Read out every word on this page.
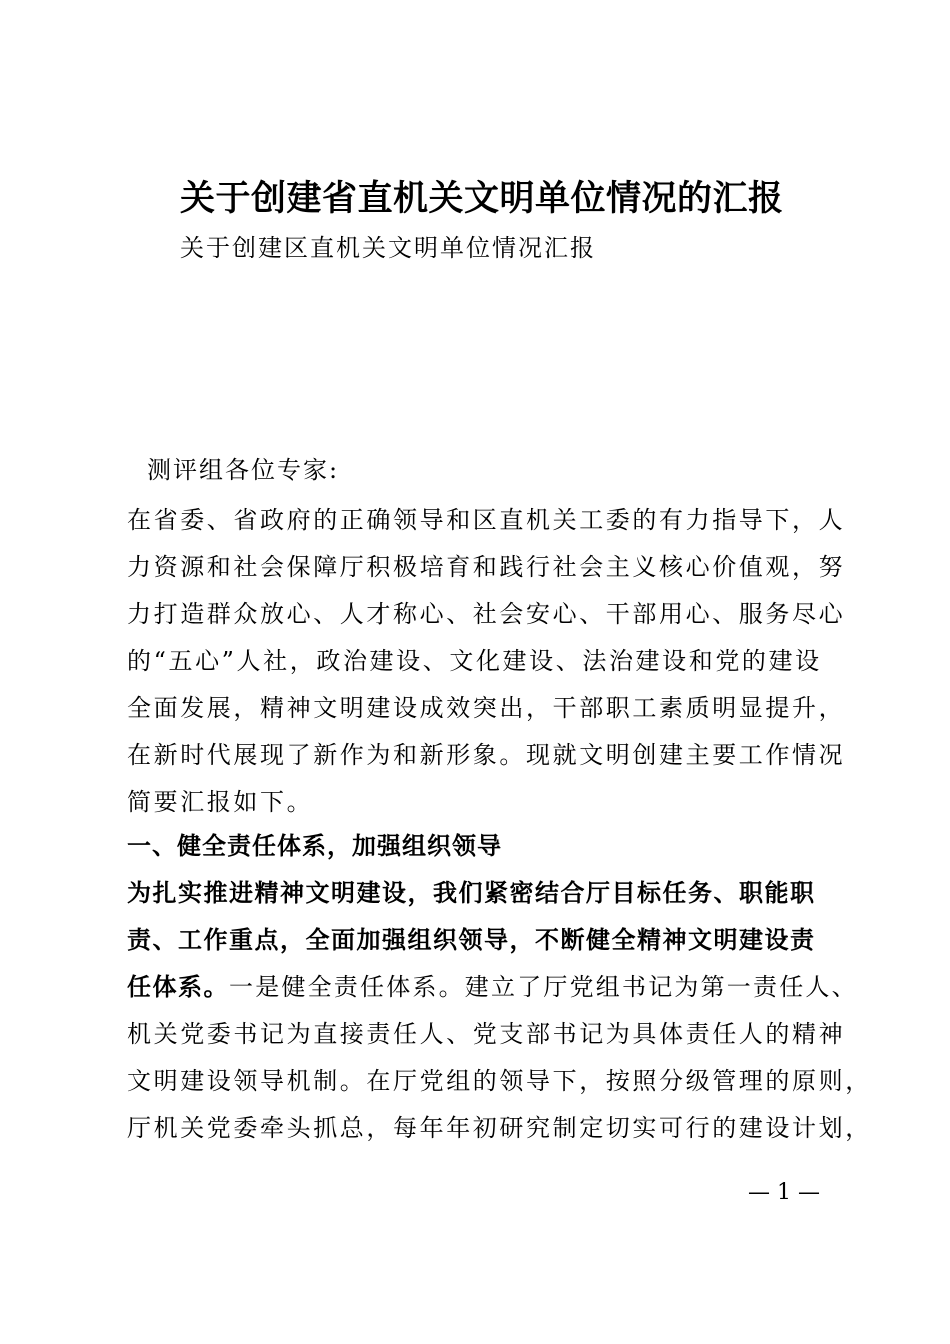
关于创建省直机关文明单位情况的汇报
关于创建区直机关文明单位情况汇报
测评组各位专家:
在省委、省政府的正确领导和区直机关工委的有力指导下，人
力资源和社会保障厅积极培育和践行社会主义核心价值观，努
力打造群众放心、人才称心、社会安心、干部用心、服务尽心
的“五心”人社，政治建设、文化建设、法治建设和党的建设
全面发展，精神文明建设成效突出，干部职工素质明显提升，
在新时代展现了新作为和新形象。现就文明创建主要工作情况
简要汇报如下。
一、健全责任体系，加强组织领导
为扎实推进精神文明建设，我们紧密结合厅目标任务、职能职
责、工作重点，全面加强组织领导，不断健全精神文明建设责
任体系。一是健全责任体系。建立了厅党组书记为第一责任人、
机关党委书记为直接责任人、党支部书记为具体责任人的精神
文明建设领导机制。在厅党组的领导下，按照分级管理的原则，
厅机关党委牵头抓总，每年年初研究制定切实可行的建设计划，
— 1 —
